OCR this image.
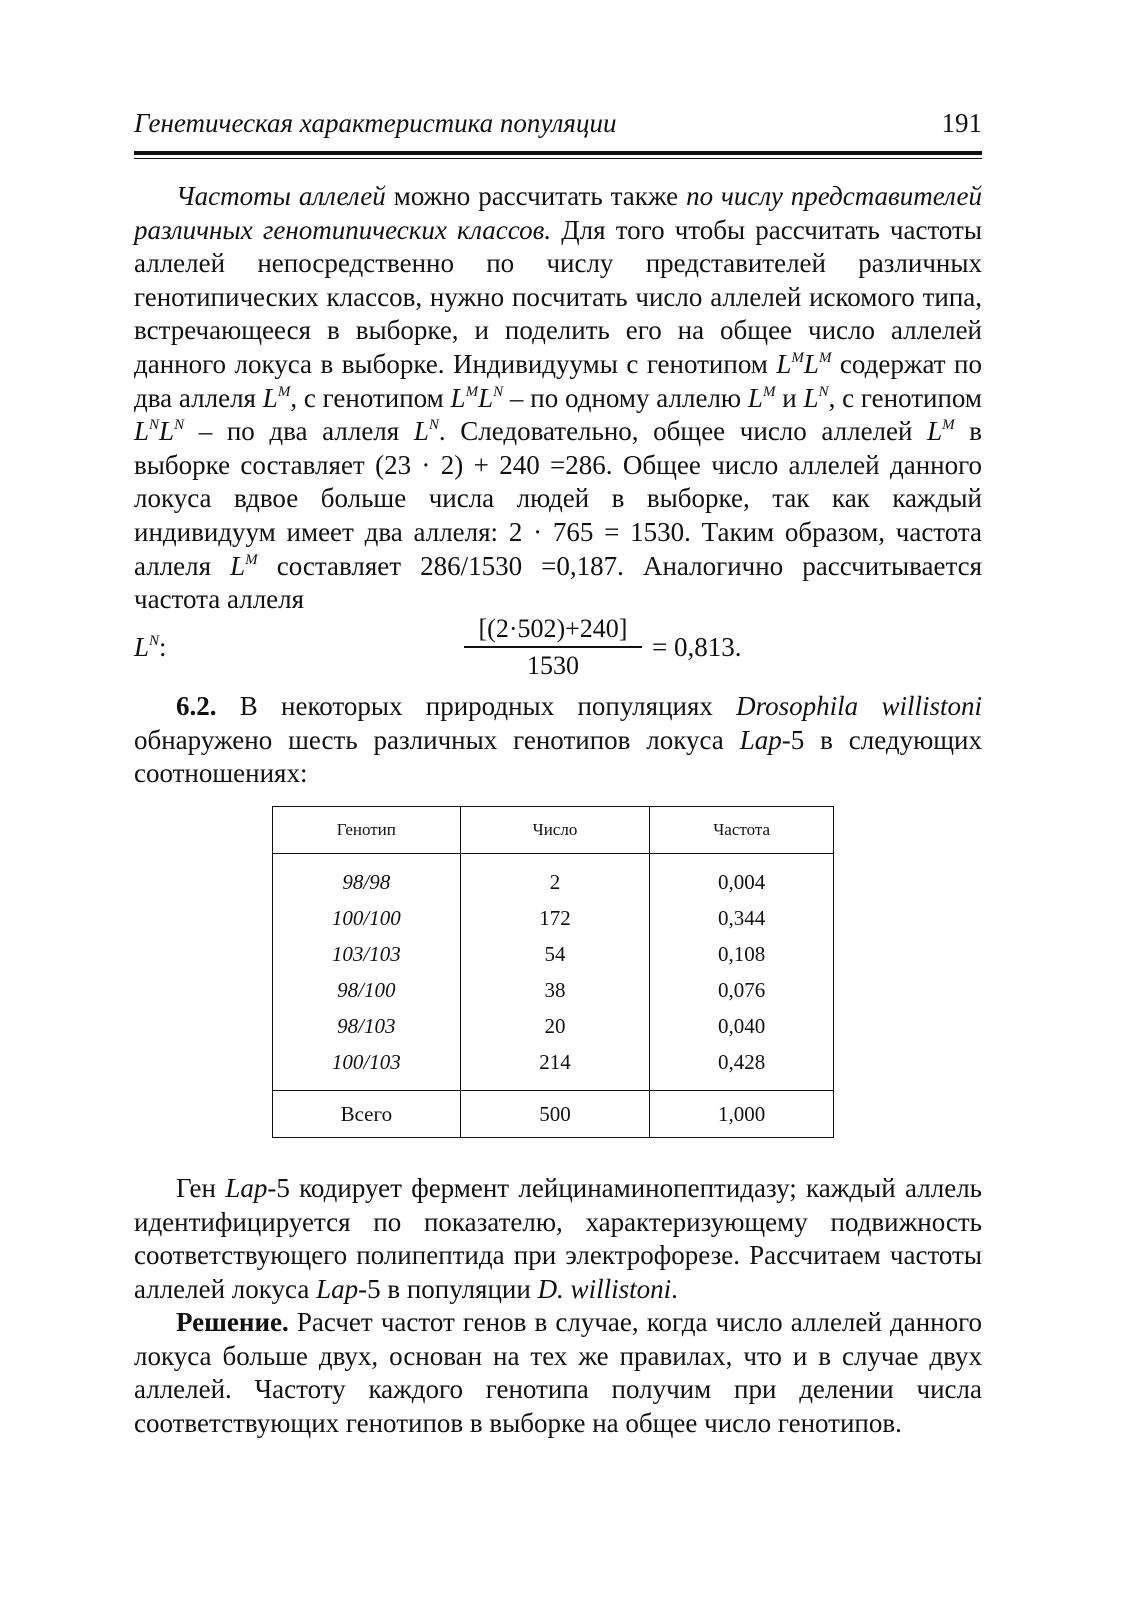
Генетическая характеристика популяции	191

Частоты аллелей можно рассчитать также по числу представителей различных генотипических классов. Для того чтобы рассчитать частоты аллелей непосредственно по числу представителей различных генотипических классов, нужно посчитать число аллелей искомого типа, встречающееся в выборке, и поделить его на общее число аллелей данного локуса в выборке. Индивидуумы с генотипом $L^ML^M$ содержат по два аллеля $L^M$, с генотипом $L^ML^N$ – по одному аллелю $L^M$ и $L^N$, с генотипом $L^NL^N$ – по два аллеля $L^N$. Следовательно, общее число аллелей $L^M$ в выборке составляет (23 · 2) + 240 =286. Общее число аллелей данного локуса вдвое больше числа людей в выборке, так как каждый индивидуум имеет два аллеля: 2 · 765 = 1530. Таким образом, частота аллеля $L^M$ составляет 286/1530 =0,187. Аналогично рассчитывается частота аллеля

$L^N$:
[(2·502)+240]
1530
= 0,813.

6.2. В некоторых природных популяциях Drosophila willistoni обнаружено шесть различных генотипов локуса Lap-5 в следующих соотношениях:

Генотип	Число	Частота
98/98	2	0,004
100/100	172	0,344
103/103	54	0,108
98/100	38	0,076
98/103	20	0,040
100/103	214	0,428
Всего	500	1,000

Ген Lap-5 кодирует фермент лейцинаминопептидазу; каждый аллель идентифицируется по показателю, характеризующему подвижность соответствующего полипептида при электрофорезе. Рассчитаем частоты аллелей локуса Lap-5 в популяции D. willistoni.

Решение. Расчет частот генов в случае, когда число аллелей данного локуса больше двух, основан на тех же правилах, что и в случае двух аллелей. Частоту каждого генотипа получим при делении числа соответствующих генотипов в выборке на общее число генотипов.
